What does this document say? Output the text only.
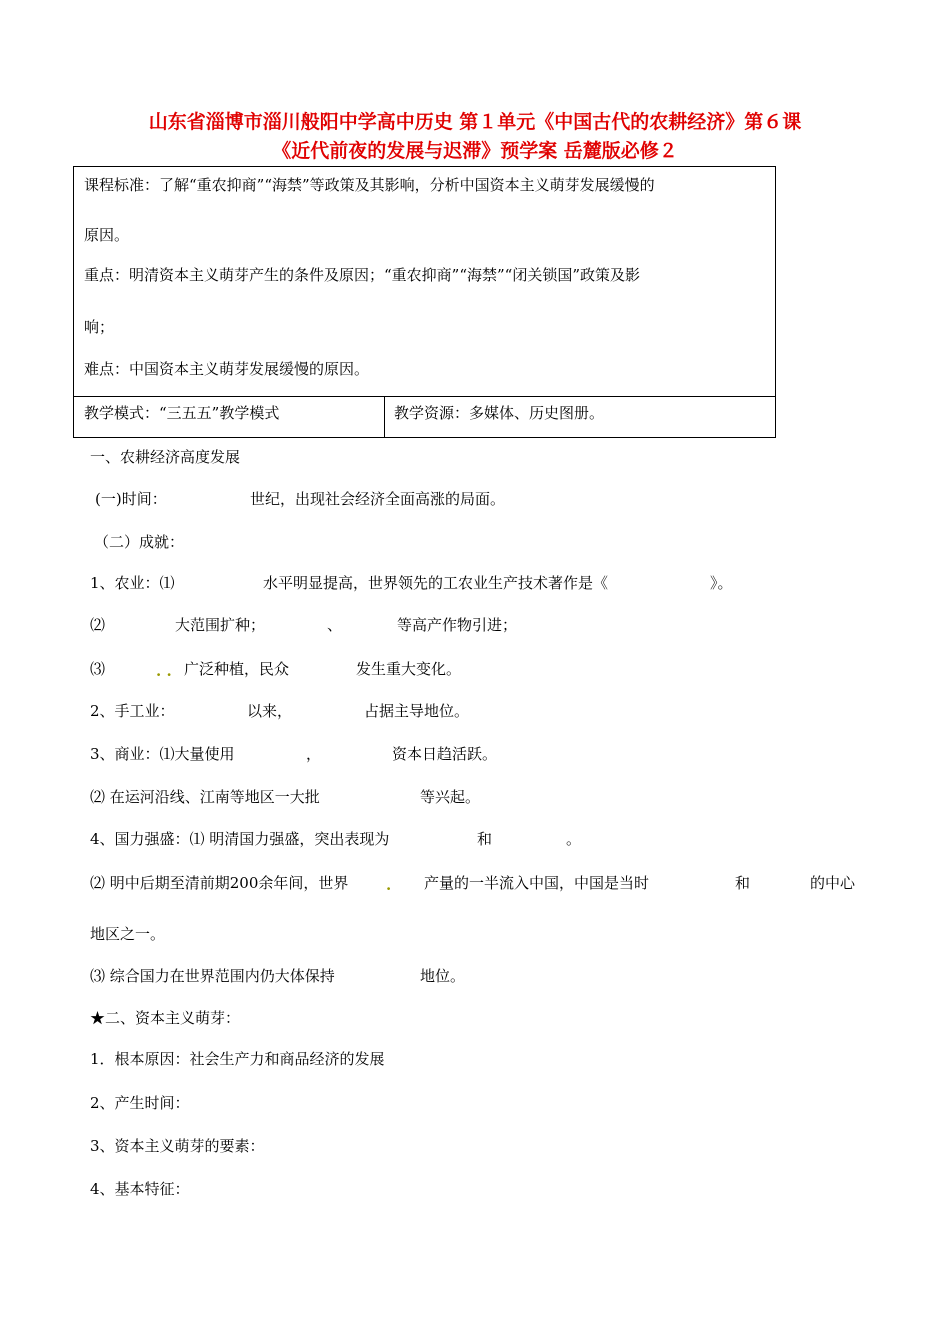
山东省淄博市淄川般阳中学高中历史 第１单元《中国古代的农耕经济》第６课
《近代前夜的发展与迟滞》预学案 岳麓版必修２
课程标准：了解“重农抑商”“海禁”等政策及其影响，分析中国资本主义萌芽发展缓慢的
原因。
重点：明清资本主义萌芽产生的条件及原因；“重农抑商”“海禁”“闭关锁国”政策及影
响；
难点：中国资本主义萌芽发展缓慢的原因。
教学模式：“三五五”教学模式	教学资源：多媒体、历史图册。
一、农耕经济高度发展
(一)时间：	世纪，出现社会经济全面高涨的局面。
（二）成就：
1、农业：⑴	水平明显提高，世界领先的工农业生产技术著作是《	》。
⑵	大范围扩种；	、	等高产作物引进；
⑶	. . 广泛种植，民众	发生重大变化。
2、手工业：	以来，	占据主导地位。
3、商业：⑴大量使用	，	资本日趋活跃。
⑵ 在运河沿线、江南等地区一大批	等兴起。
4、国力强盛：⑴ 明清国力强盛，突出表现为	和	。
⑵ 明中后期至清前期200余年间，世界	. 产量的一半流入中国，中国是当时	和	的中心
地区之一。
⑶ 综合国力在世界范围内仍大体保持	地位。
★二、资本主义萌芽：
1．根本原因：社会生产力和商品经济的发展
2、产生时间：
3、资本主义萌芽的要素：
4、基本特征：
